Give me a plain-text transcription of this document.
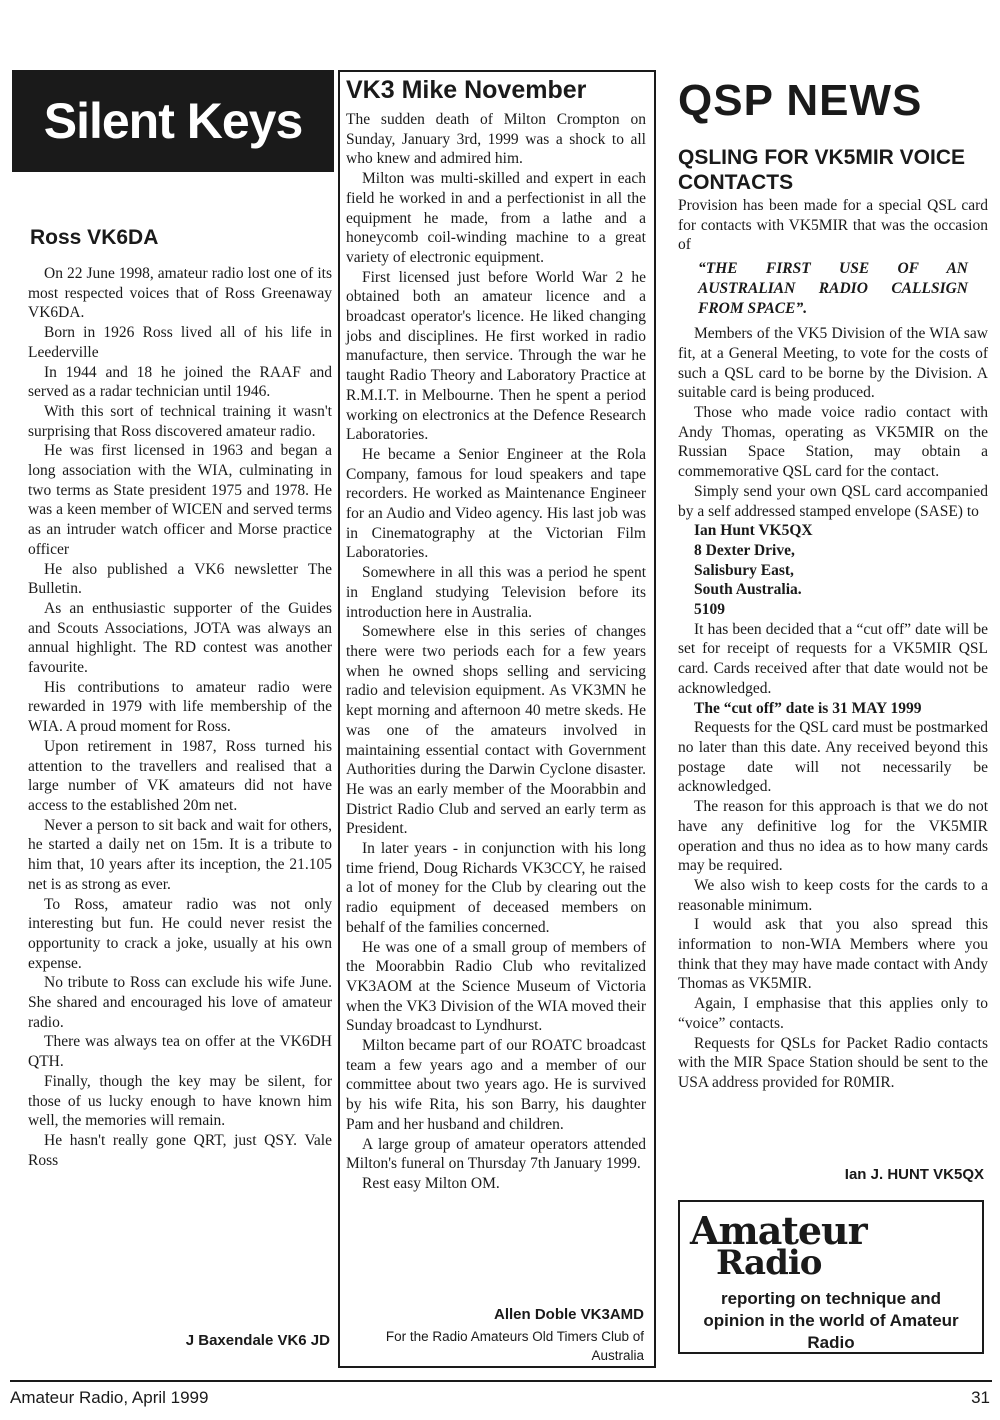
Silent Keys
Ross VK6DA

On 22 June 1998, amateur radio lost one of its most respected voices that of Ross Greenaway VK6DA.

Born in 1926 Ross lived all of his life in Leederville

In 1944 and 18 he joined the RAAF and served as a radar technician until 1946.

With this sort of technical training it wasn't surprising that Ross discovered amateur radio.

He was first licensed in 1963 and began a long association with the WIA, culminating in two terms as State president 1975 and 1978. He was a keen member of WICEN and served terms as an intruder watch officer and Morse practice officer

He also published a VK6 newsletter The Bulletin.

As an enthusiastic supporter of the Guides and Scouts Associations, JOTA was always an annual highlight. The RD contest was another favourite.

His contributions to amateur radio were rewarded in 1979 with life membership of the WIA. A proud moment for Ross.

Upon retirement in 1987, Ross turned his attention to the travellers and realised that a large number of VK amateurs did not have access to the established 20m net.

Never a person to sit back and wait for others, he started a daily net on 15m. It is a tribute to him that, 10 years after its inception, the 21.105 net is as strong as ever.

To Ross, amateur radio was not only interesting but fun. He could never resist the opportunity to crack a joke, usually at his own expense.

No tribute to Ross can exclude his wife June. She shared and encouraged his love of amateur radio.

There was always tea on offer at the VK6DH QTH.

Finally, though the key may be silent, for those of us lucky enough to have known him well, the memories will remain.

He hasn't really gone QRT, just QSY. Vale Ross

J Baxendale VK6 JD
VK3 Mike November

The sudden death of Milton Crompton on Sunday, January 3rd, 1999 was a shock to all who knew and admired him.

Milton was multi-skilled and expert in each field he worked in and a perfectionist in all the equipment he made, from a lathe and a honeycomb coil-winding machine to a great variety of electronic equipment.

First licensed just before World War 2 he obtained both an amateur licence and a broadcast operator's licence. He liked changing jobs and disciplines. He first worked in radio manufacture, then service. Through the war he taught Radio Theory and Laboratory Practice at R.M.I.T. in Melbourne. Then he spent a period working on electronics at the Defence Research Laboratories.

He became a Senior Engineer at the Rola Company, famous for loud speakers and tape recorders. He worked as Maintenance Engineer for an Audio and Video agency. His last job was in Cinematography at the Victorian Film Laboratories.

Somewhere in all this was a period he spent in England studying Television before its introduction here in Australia.

Somewhere else in this series of changes there were two periods each for a few years when he owned shops selling and servicing radio and television equipment. As VK3MN he kept morning and afternoon 40 metre skeds. He was one of the amateurs involved in maintaining essential contact with Government Authorities during the Darwin Cyclone disaster. He was an early member of the Moorabbin and District Radio Club and served an early term as President.

In later years - in conjunction with his long time friend, Doug Richards VK3CCY, he raised a lot of money for the Club by clearing out the radio equipment of deceased members on behalf of the families concerned.

He was one of a small group of members of the Moorabbin Radio Club who revitalized VK3AOM at the Science Museum of Victoria when the VK3 Division of the WIA moved their Sunday broadcast to Lyndhurst.

Milton became part of our ROATC broadcast team a few years ago and a member of our committee about two years ago. He is survived by his wife Rita, his son Barry, his daughter Pam and her husband and children.

A large group of amateur operators attended Milton's funeral on Thursday 7th January 1999.

Rest easy Milton OM.

Allen Doble VK3AMD
For the Radio Amateurs Old Timers Club of Australia
QSP NEWS
QSLING FOR VK5MIR VOICE CONTACTS

Provision has been made for a special QSL card for contacts with VK5MIR that was the occasion of

“THE FIRST USE OF AN AUSTRALIAN RADIO CALLSIGN FROM SPACE”.

Members of the VK5 Division of the WIA saw fit, at a General Meeting, to vote for the costs of such a QSL card to be borne by the Division. A suitable card is being produced.

Those who made voice radio contact with Andy Thomas, operating as VK5MIR on the Russian Space Station, may obtain a commemorative QSL card for the contact.

Simply send your own QSL card accompanied by a self addressed stamped envelope (SASE) to

Ian Hunt VK5QX

8 Dexter Drive,

Salisbury East,

South Australia.

5109

It has been decided that a “cut off” date will be set for receipt of requests for a VK5MIR QSL card. Cards received after that date would not be acknowledged.

The “cut off” date is 31 MAY 1999

Requests for the QSL card must be postmarked no later than this date. Any received beyond this postage date will not necessarily be acknowledged.

The reason for this approach is that we do not have any definitive log for the VK5MIR operation and thus no idea as to how many cards may be required.

We also wish to keep costs for the cards to a reasonable minimum.

I would ask that you also spread this information to non-WIA Members where you think that they may have made contact with Andy Thomas as VK5MIR.

Again, I emphasise that this applies only to “voice” contacts.

Requests for QSLs for Packet Radio contacts with the MIR Space Station should be sent to the USA address provided for R0MIR.

Ian J. HUNT VK5QX
Amateur
Radio
reporting on technique and opinion in the world of Amateur Radio
Amateur Radio, April 1999	31
